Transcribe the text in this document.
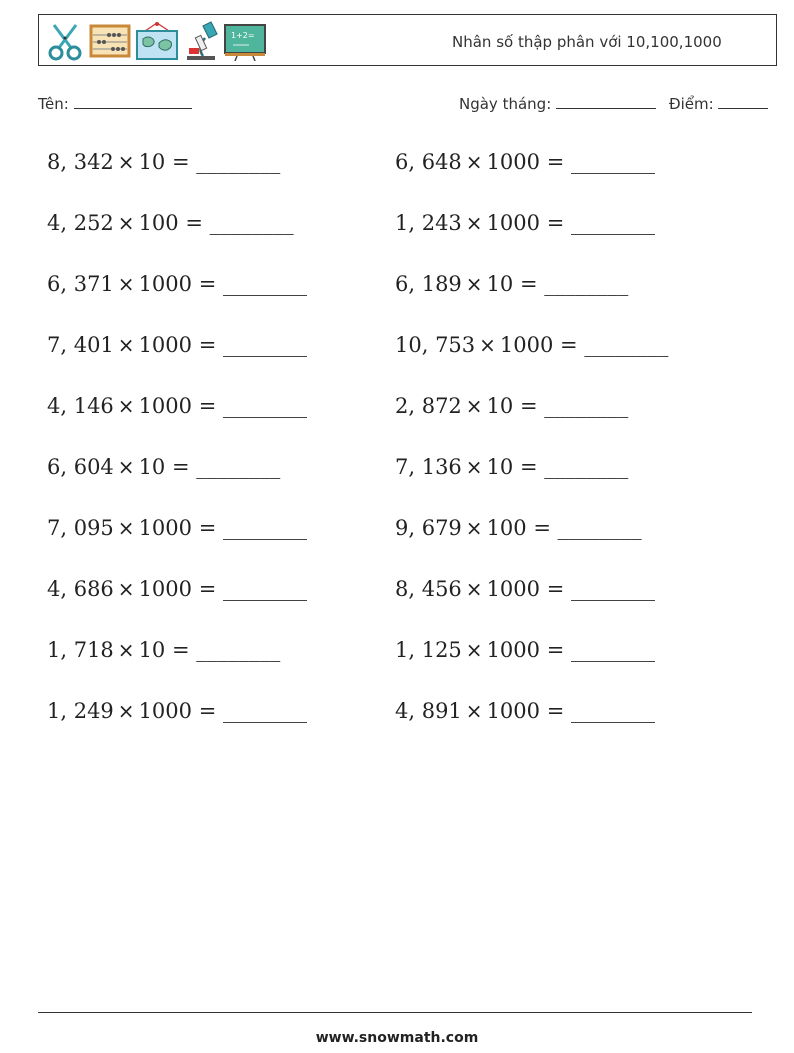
1+2=	Nhân số thập phân với 10,100,1000
Tên:	Ngày tháng:	Điểm:
8, 342 × 10 = ________
4, 252 × 100 = ________
6, 371 × 1000 = ________
7, 401 × 1000 = ________
4, 146 × 1000 = ________
6, 604 × 10 = ________
7, 095 × 1000 = ________
4, 686 × 1000 = ________
1, 718 × 10 = ________
1, 249 × 1000 = ________
6, 648 × 1000 = ________
1, 243 × 1000 = ________
6, 189 × 10 = ________
10, 753 × 1000 = ________
2, 872 × 10 = ________
7, 136 × 10 = ________
9, 679 × 100 = ________
8, 456 × 1000 = ________
1, 125 × 1000 = ________
4, 891 × 1000 = ________
www.snowmath.com
